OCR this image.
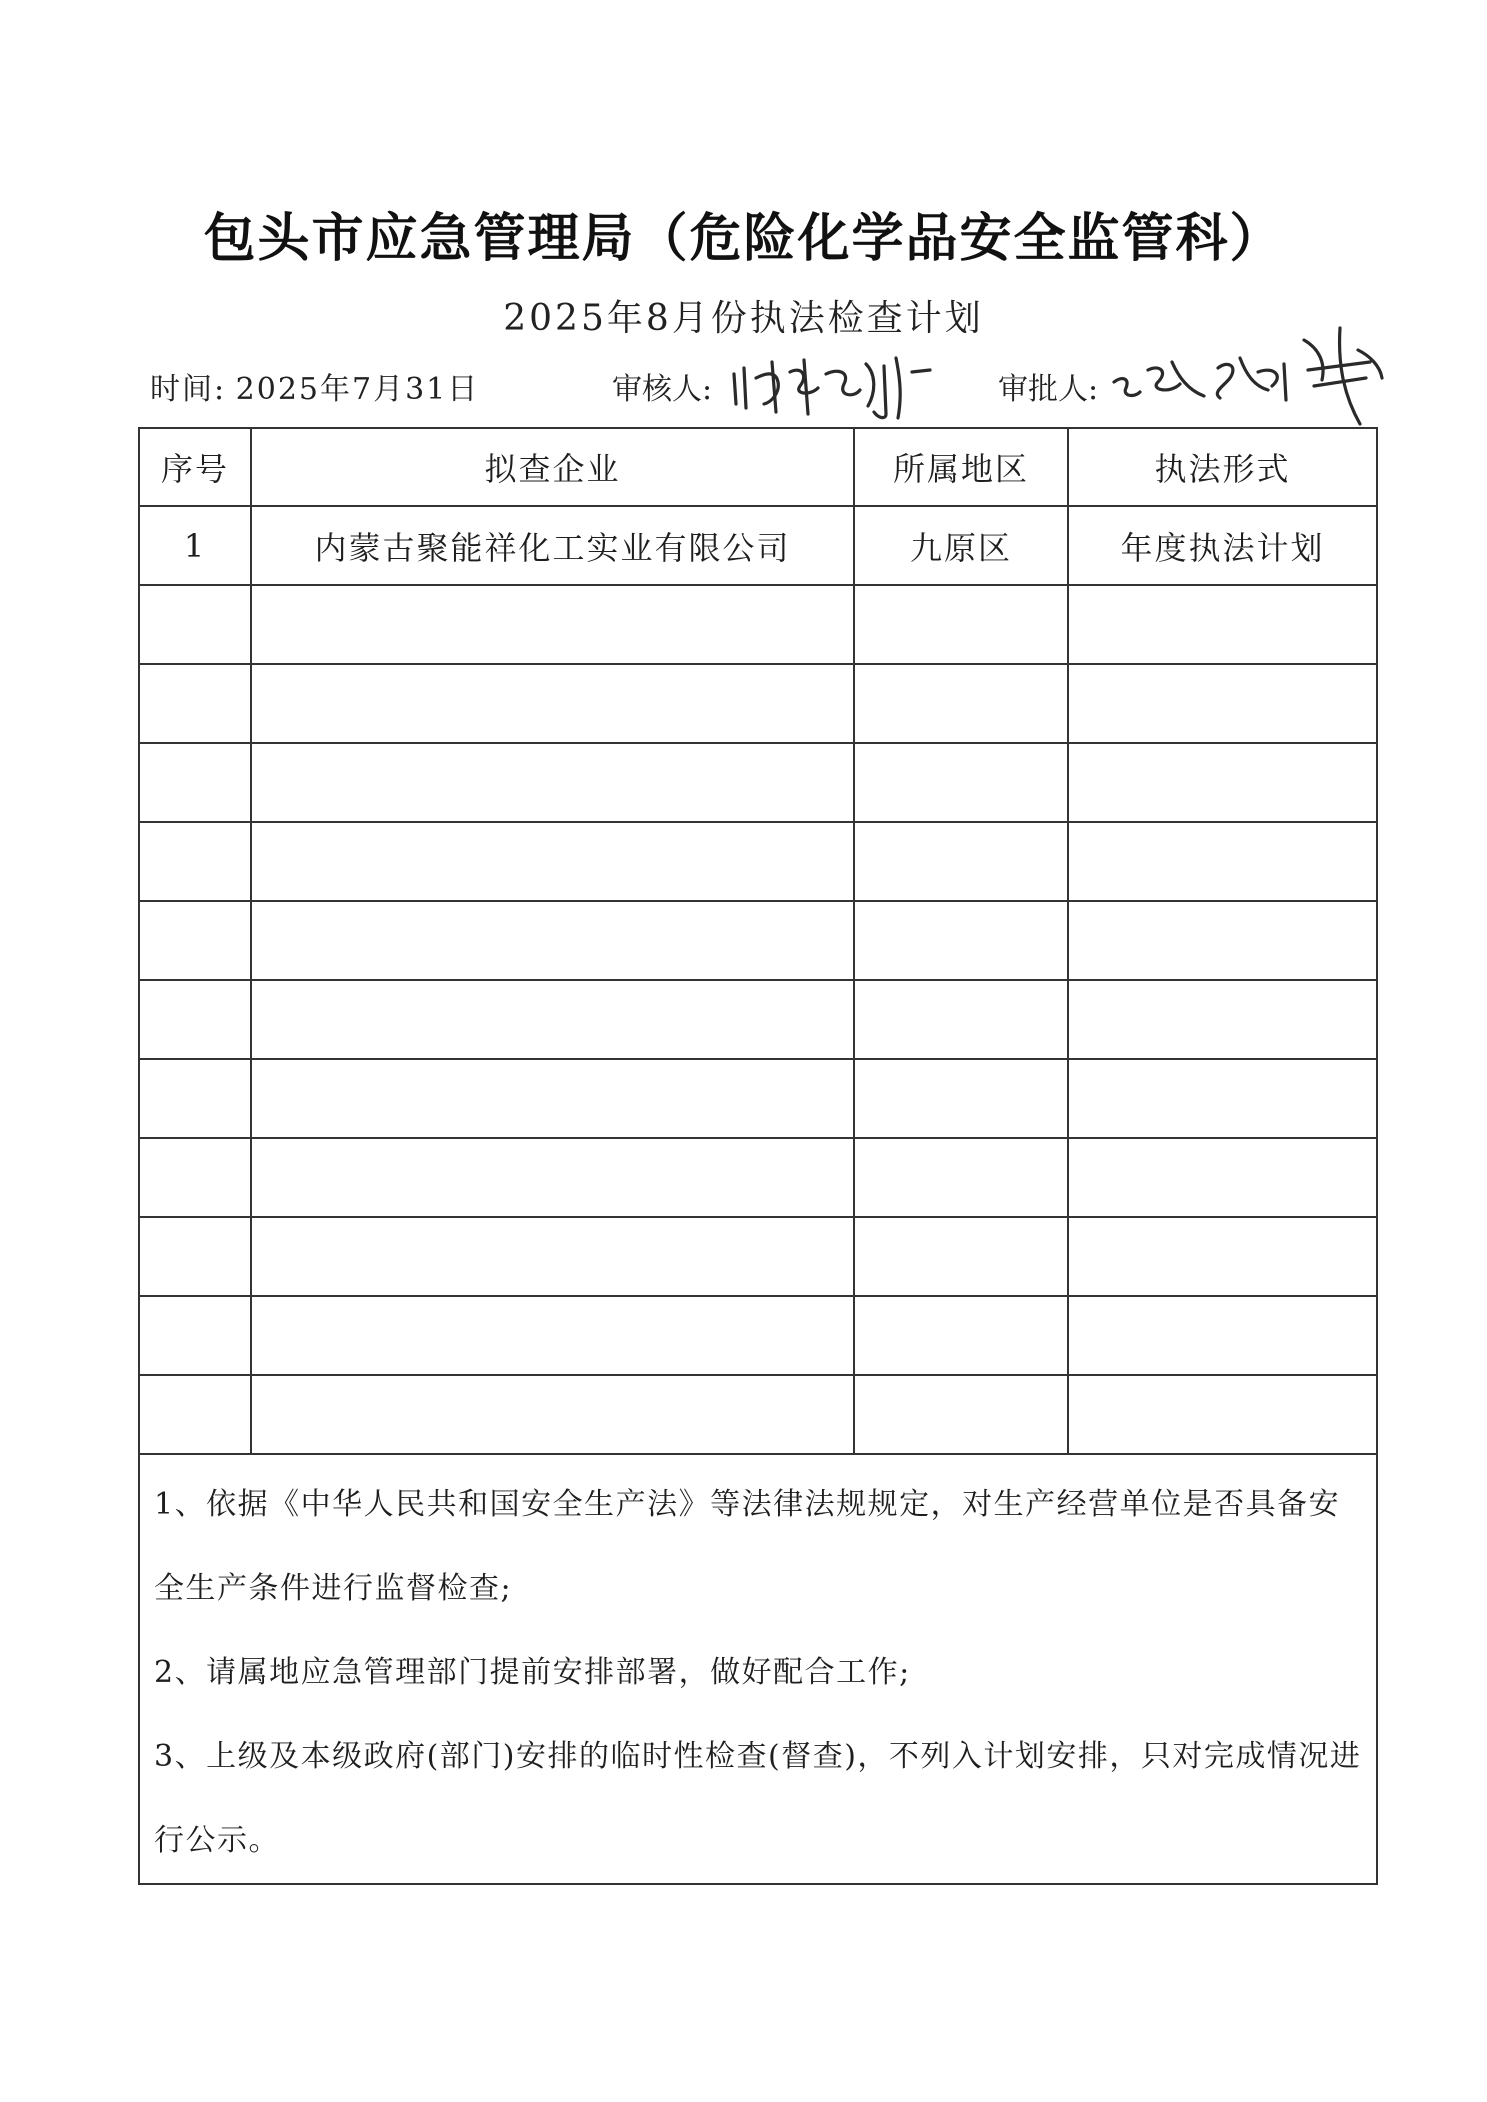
包头市应急管理局（危险化学品安全监管科）
2025年8月份执法检查计划
时间: 2025年7月31日	审核人:	审批人:
序号	拟查企业	所属地区	执法形式
1	内蒙古聚能祥化工实业有限公司	九原区	年度执法计划

1、依据《中华人民共和国安全生产法》等法律法规规定，对生产经营单位是否具备安全生产条件进行监督检查;

2、请属地应急管理部门提前安排部署，做好配合工作;

3、上级及本级政府(部门)安排的临时性检查(督查)，不列入计划安排，只对完成情况进行公示。			
